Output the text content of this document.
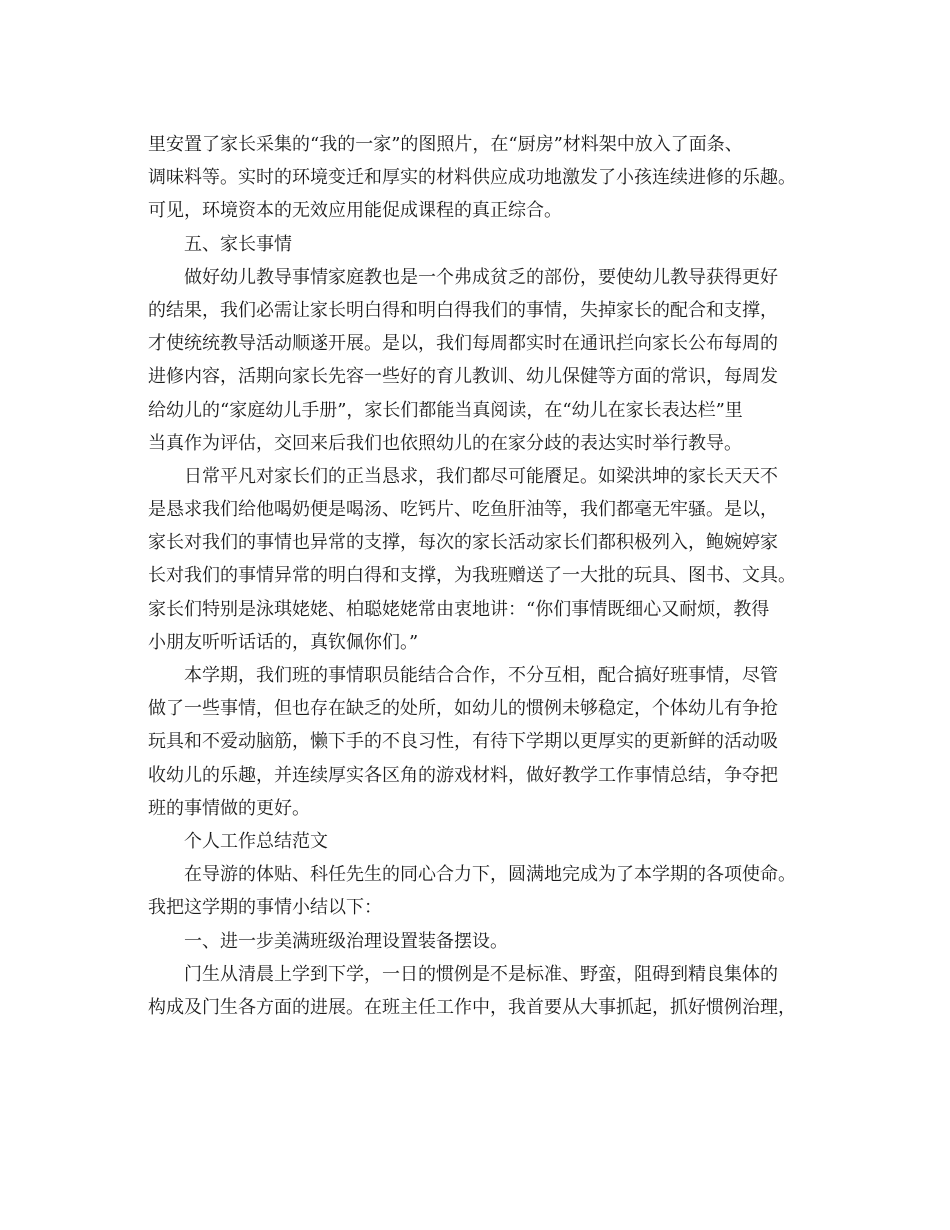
里安置了家长采集的“我的一家”的图照片，在“厨房”材料架中放入了面条、
调味料等。实时的环境变迁和厚实的材料供应成功地激发了小孩连续进修的乐趣。
可见，环境资本的无效应用能促成课程的真正综合。
五、家长事情
做好幼儿教导事情家庭教也是一个弗成贫乏的部份，要使幼儿教导获得更好
的结果，我们必需让家长明白得和明白得我们的事情，失掉家长的配合和支撑，
才使统统教导活动顺遂开展。是以，我们每周都实时在通讯拦向家长公布每周的
进修内容，活期向家长先容一些好的育儿教训、幼儿保健等方面的常识，每周发
给幼儿的“家庭幼儿手册”，家长们都能当真阅读，在“幼儿在家长表达栏”里
当真作为评估，交回来后我们也依照幼儿的在家分歧的表达实时举行教导。
日常平凡对家长们的正当恳求，我们都尽可能餍足。如梁洪坤的家长天天不
是恳求我们给他喝奶便是喝汤、吃钙片、吃鱼肝油等，我们都毫无牢骚。是以，
家长对我们的事情也异常的支撑，每次的家长活动家长们都积极列入，鲍婉婷家
长对我们的事情异常的明白得和支撑，为我班赠送了一大批的玩具、图书、文具。
家长们特别是泳琪姥姥、柏聪姥姥常由衷地讲：“你们事情既细心又耐烦，教得
小朋友听听话话的，真钦佩你们。”
本学期，我们班的事情职员能结合合作，不分互相，配合搞好班事情，尽管
做了一些事情，但也存在缺乏的处所，如幼儿的惯例未够稳定，个体幼儿有争抢
玩具和不爱动脑筋，懒下手的不良习性，有待下学期以更厚实的更新鲜的活动吸
收幼儿的乐趣，并连续厚实各区角的游戏材料，做好教学工作事情总结，争夺把
班的事情做的更好。
个人工作总结范文
在导游的体贴、科任先生的同心合力下，圆满地完成为了本学期的各项使命。
我把这学期的事情小结以下：
一、进一步美满班级治理设置装备摆设。
门生从清晨上学到下学，一日的惯例是不是标准、野蛮，阻碍到精良集体的
构成及门生各方面的进展。在班主任工作中，我首要从大事抓起，抓好惯例治理，
